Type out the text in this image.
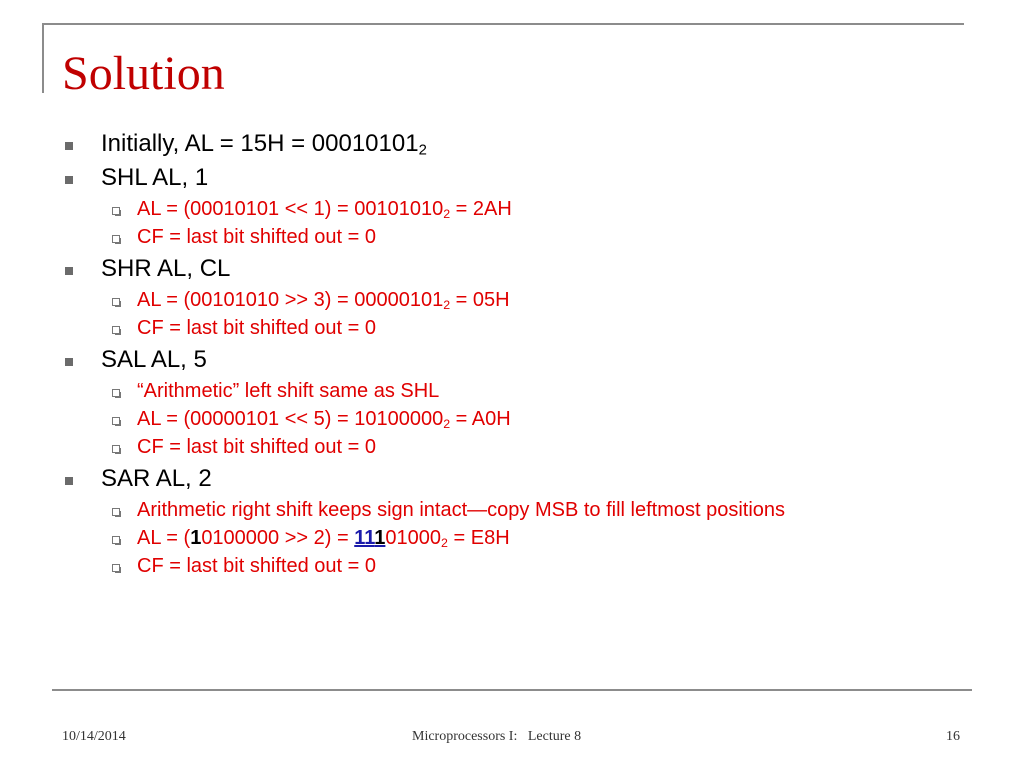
Solution
Initially, AL = $15H = 00010101_2$
SHL AL, 1
AL = $(00010101 << 1) = 00101010_2 = 2AH$
CF = last bit shifted out = 0
SHR AL, CL
AL = $(00101010 >> 3) = 00000101_2 = 05H$
CF = last bit shifted out = 0
SAL AL, 5
“Arithmetic” left shift same as SHL
AL = $(00000101 << 5) = 10100000_2 = A0H$
CF = last bit shifted out = 0
SAR AL, 2
Arithmetic right shift keeps sign intact—copy MSB to fill leftmost positions
AL = $(10100000 >> 2) = 11101000_2 = E8H$
CF = last bit shifted out = 0
10/14/2014	Microprocessors I:   Lecture 8	16
